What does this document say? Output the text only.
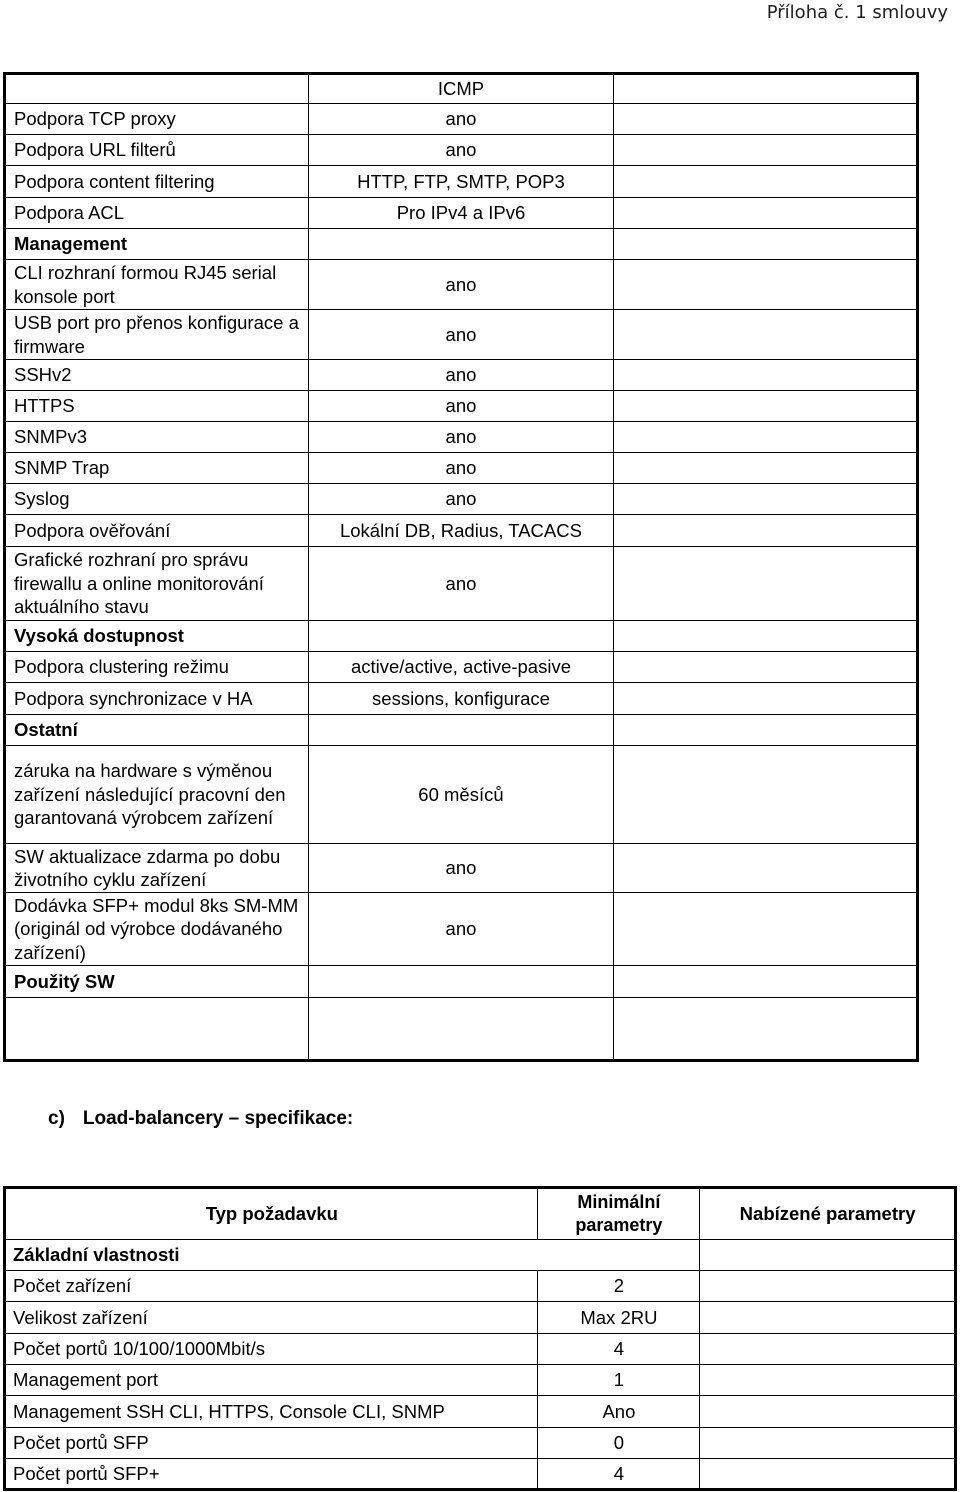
Příloha č. 1 smlouvy
	ICMP	
Podpora TCP proxy	ano	
Podpora URL filterů	ano	
Podpora content filtering	HTTP, FTP, SMTP, POP3	
Podpora ACL	Pro IPv4 a IPv6	
Management		
CLI rozhraní formou RJ45 serial konsole port	ano	
USB port pro přenos konfigurace a firmware	ano	
SSHv2	ano	
HTTPS	ano	
SNMPv3	ano	
SNMP Trap	ano	
Syslog	ano	
Podpora ověřování	Lokální DB, Radius, TACACS	
Grafické rozhraní pro správu firewallu a online monitorování aktuálního stavu	ano	
Vysoká dostupnost		
Podpora clustering režimu	active/active, active-pasive	
Podpora synchronizace v HA	sessions, konfigurace	
Ostatní		
záruka na hardware s výměnou zařízení následující pracovní den garantovaná výrobcem zařízení	60 měsíců	
SW aktualizace zdarma po dobu životního cyklu zařízení	ano	
Dodávka SFP+ modul 8ks SM-MM (originál od výrobce dodávaného zařízení)	ano	
Použitý SW		

c) Load-balancery – specifikace:
Typ požadavku	Minimální parametry	Nabízené parametry
Základní vlastnosti		
Počet zařízení	2	
Velikost zařízení	Max 2RU	
Počet portů 10/100/1000Mbit/s	4	
Management port	1	
Management SSH CLI, HTTPS, Console CLI, SNMP	Ano	
Počet portů SFP	0	
Počet portů SFP+	4	
